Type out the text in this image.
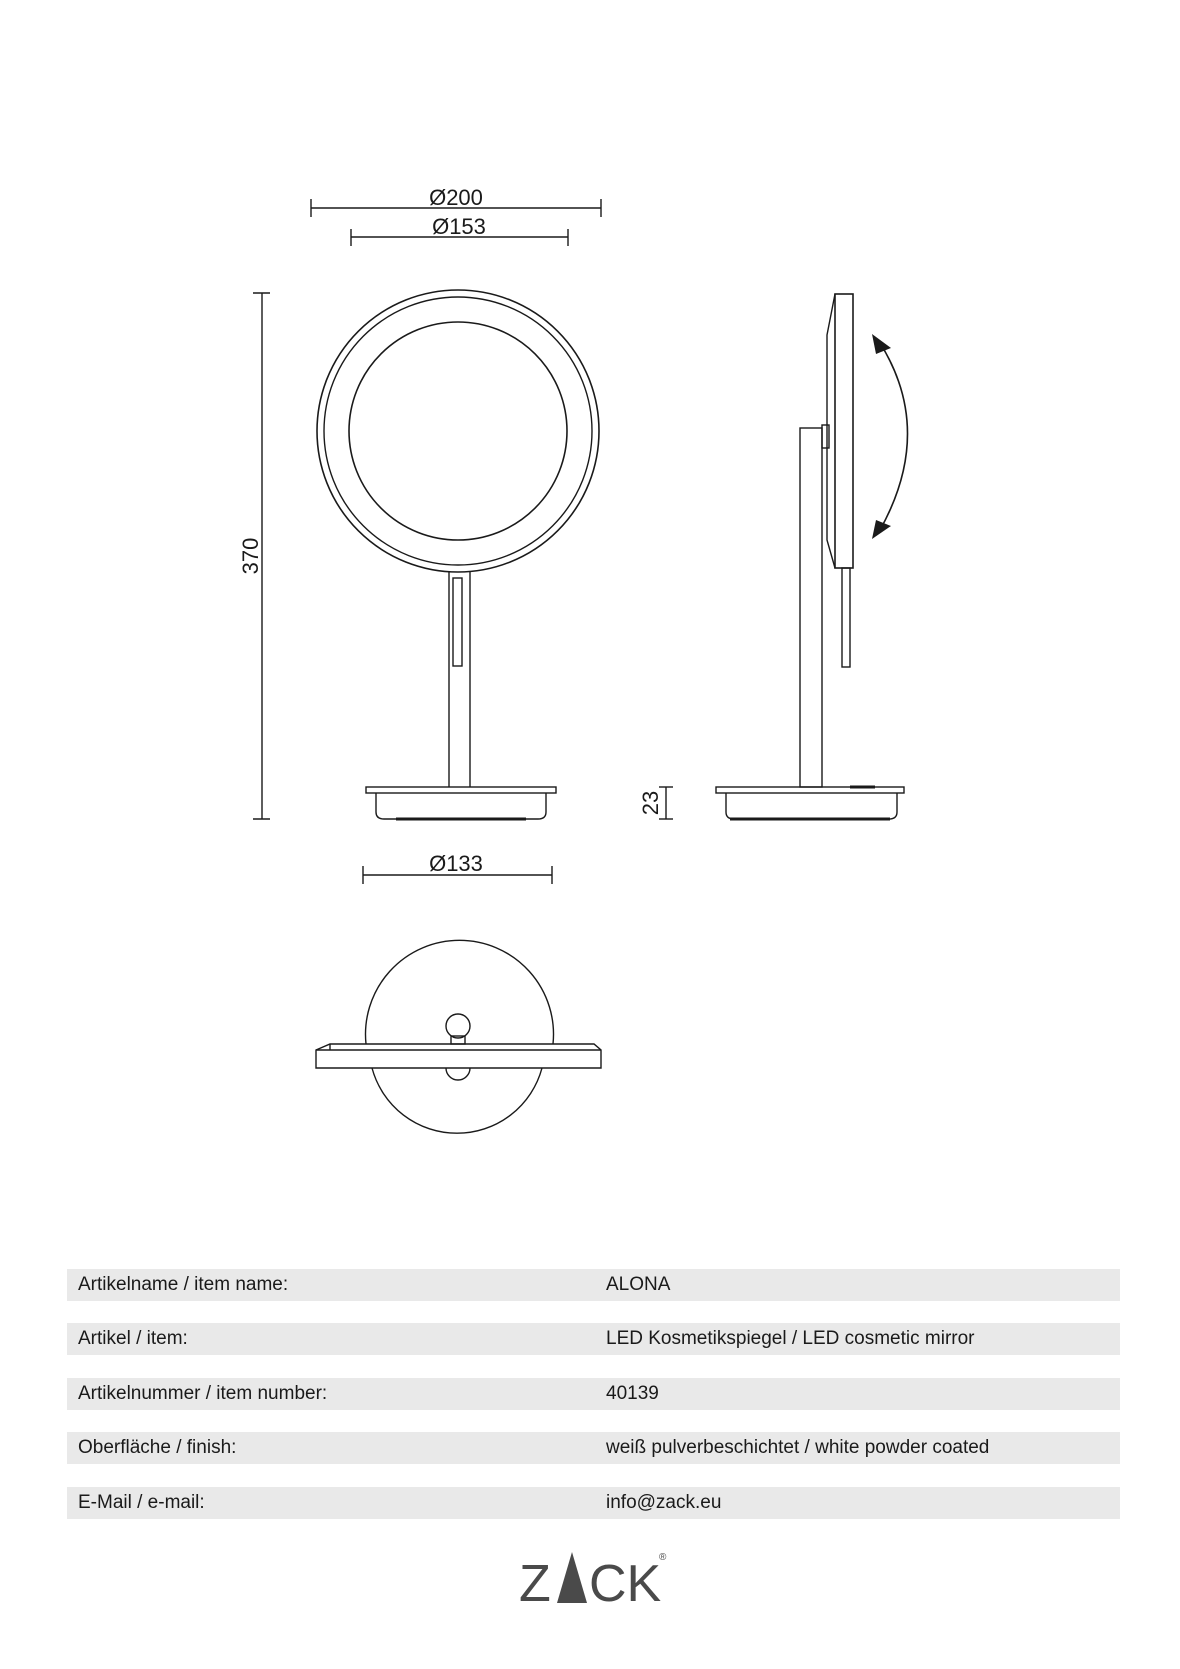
Ø200
Ø153
370
Ø133
23
Artikelname / item name:	ALONA
Artikel / item:	LED Kosmetikspiegel / LED cosmetic mirror
Artikelnummer / item number:	40139
Oberfläche / finish:	weiß pulverbeschichtet / white powder coated
E-Mail / e-mail:	info@zack.eu
Z CK
®
